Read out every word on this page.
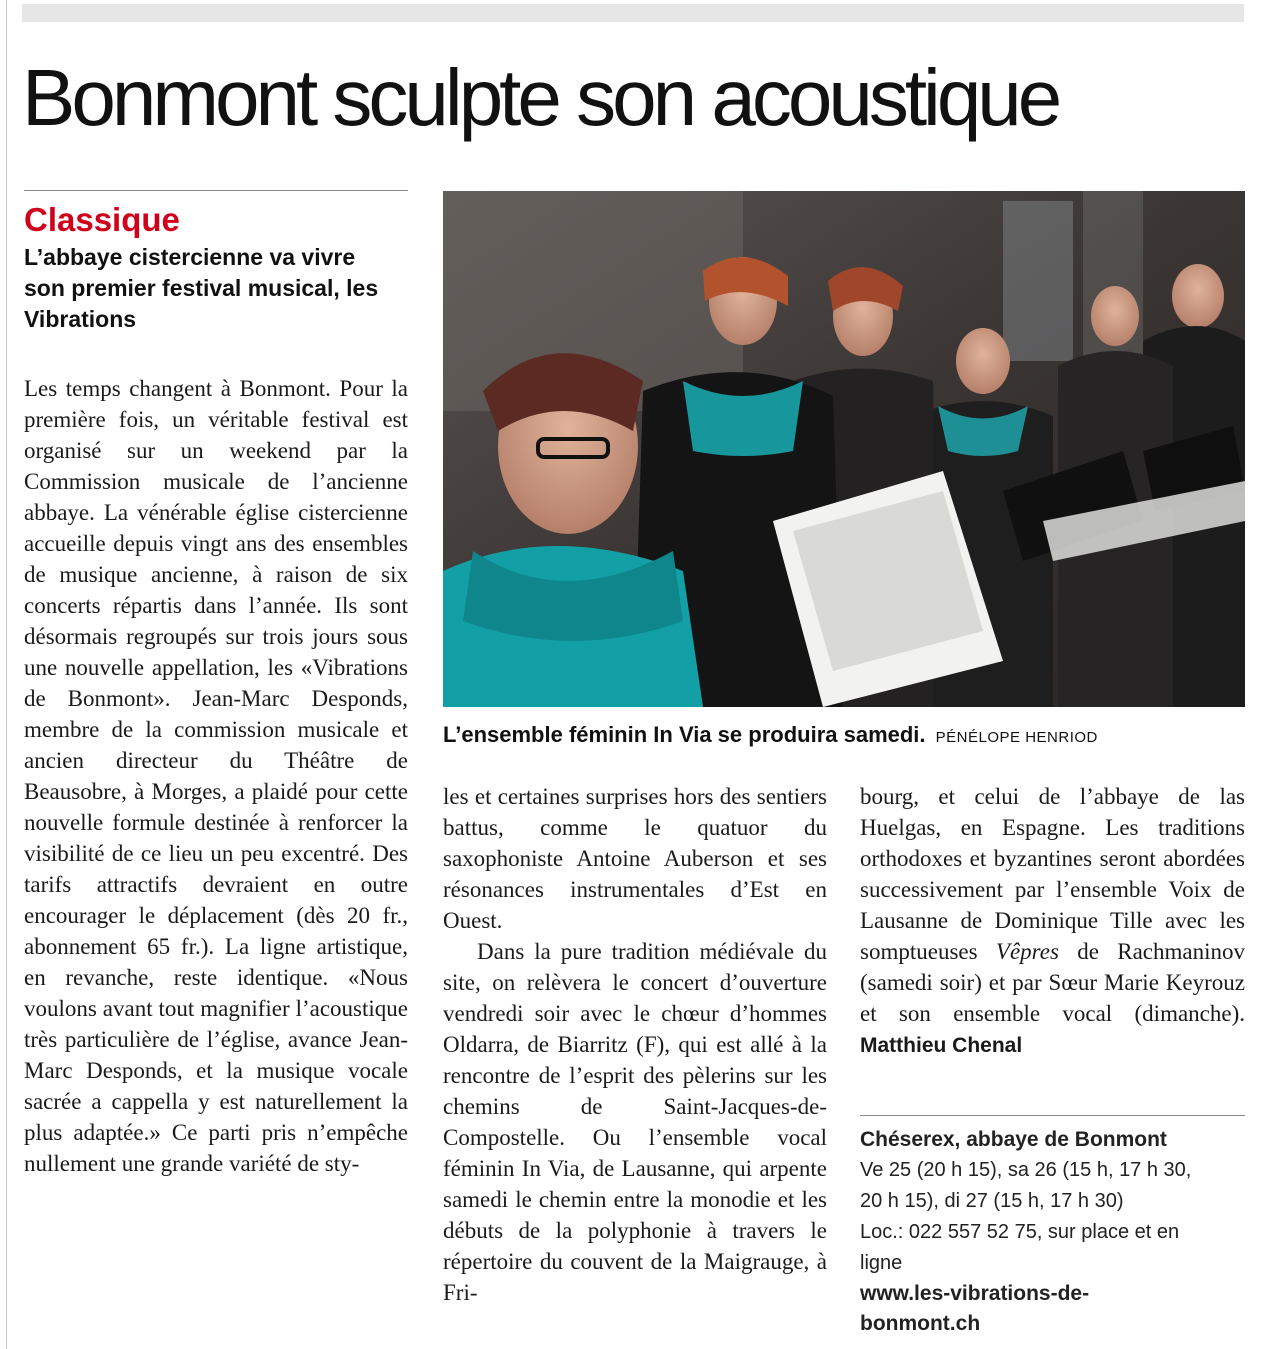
Bonmont sculpte son acoustique
Classique

L’abbaye cistercienne va vivre son premier festival musical, les Vibrations

Les temps changent à Bonmont. Pour la première fois, un véritable festival est organisé sur un weekend par la Commission musicale de l’ancienne abbaye. La vénérable église cistercienne accueille depuis vingt ans des ensembles de musique ancienne, à raison de six concerts répartis dans l’année. Ils sont désormais regroupés sur trois jours sous une nouvelle appellation, les «Vibrations de Bonmont». Jean-Marc Desponds, membre de la commission musicale et ancien directeur du Théâtre de Beausobre, à Morges, a plaidé pour cette nouvelle formule destinée à renforcer la visibilité de ce lieu un peu excentré. Des tarifs attractifs devraient en outre encourager le déplacement (dès 20 fr., abonnement 65 fr.). La ligne artistique, en revanche, reste identique. «Nous voulons avant tout magnifier l’acoustique très particulière de l’église, avance Jean-Marc Desponds, et la musique vocale sacrée a cappella y est naturellement la plus adaptée.» Ce parti pris n’empêche nullement une grande variété de sty-

L’ensemble féminin In Via se produira samedi. PÉNÉLOPE HENRIOD

les et certaines surprises hors des sentiers battus, comme le quatuor du saxophoniste Antoine Auberson et ses résonances instrumentales d’Est en Ouest.

Dans la pure tradition médiévale du site, on relèvera le concert d’ouverture vendredi soir avec le chœur d’hommes Oldarra, de Biarritz (F), qui est allé à la rencontre de l’esprit des pèlerins sur les chemins de Saint-Jacques-de-Compostelle. Ou l’ensemble vocal féminin In Via, de Lausanne, qui arpente samedi le chemin entre la monodie et les débuts de la polyphonie à travers le répertoire du couvent de la Maigrauge, à Fri-

bourg, et celui de l’abbaye de las Huelgas, en Espagne. Les traditions orthodoxes et byzantines seront abordées successivement par l’ensemble Voix de Lausanne de Dominique Tille avec les somptueuses Vêpres de Rachmaninov (samedi soir) et par Sœur Marie Keyrouz et son ensemble vocal (dimanche). Matthieu Chenal

Chéserex, abbaye de Bonmont
Ve 25 (20 h 15), sa 26 (15 h, 17 h 30,
20 h 15), di 27 (15 h, 17 h 30)
Loc.: 022 557 52 75, sur place et en
ligne
www.les-vibrations-de-
bonmont.ch
